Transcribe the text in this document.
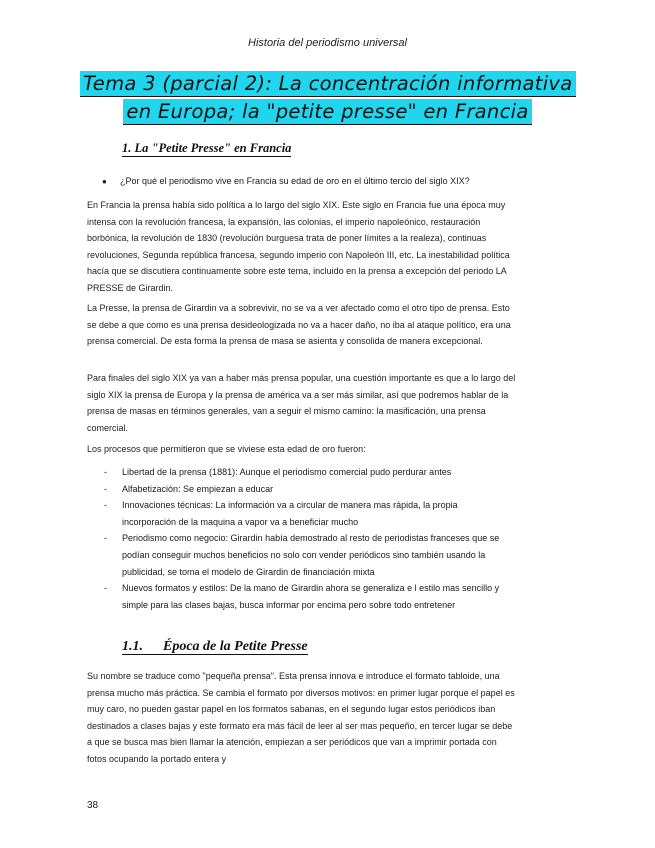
Historia del periodismo universal
Tema 3 (parcial 2): La concentración informativa
en Europa; la "petite presse" en Francia
1. La "Petite Presse" en Francia
● ¿Por qué el periodismo vive en Francia su edad de oro en el último tercio del siglo XIX?

En Francia la prensa había sido política a lo largo del siglo XIX. Este siglo en Francia fue una época muy intensa con la revolución francesa, la expansión, las colonias, el imperio napoleónico, restauración borbónica, la revolución de 1830 (revolución burguesa trata de poner límites a la realeza), continuas revoluciones, Segunda república francesa, segundo imperio con Napoleón III, etc. La inestabilidad política hacía que se discutiera continuamente sobre este tema, incluido en la prensa a excepción del periodo LA PRESSE de Girardin.

La Presse, la prensa de Girardin va a sobrevivir, no se va a ver afectado como el otro tipo de prensa. Esto se debe a que como es una prensa desideologizada no va a hacer daño, no iba al ataque político, era una prensa comercial. De esta forma la prensa de masa se asienta y consolida de manera excepcional.

Para finales del siglo XIX ya van a haber más prensa popular, una cuestión importante es que a lo largo del siglo XIX la prensa de Europa y la prensa de américa va a ser más similar, así que podremos hablar de la prensa de masas en términos generales, van a seguir el mismo camino: la masificación, una prensa comercial.

Los procesos que permitieron que se viviese esta edad de oro fueron:

- Libertad de la prensa (1881): Aunque el periodismo comercial pudo perdurar antes
- Alfabetización: Se empiezan a educar
- Innovaciones técnicas: La información va a circular de manera mas rápida, la propia incorporación de la maquina a vapor va a beneficiar mucho
- Periodismo como negocio: Girardin había demostrado al resto de periodistas franceses que se podían conseguir muchos beneficios no solo con vender periódicos sino también usando la publicidad, se toma el modelo de Girardin de financiación mixta
- Nuevos formatos y estilos: De la mano de Girardin ahora se generaliza e l estilo mas sencillo y simple para las clases bajas, busca informar por encima pero sobre todo entretener
1.1. Época de la Petite Presse

Su nombre se traduce como "pequeña prensa". Esta prensa innova e introduce el formato tabloide, una prensa mucho más práctica. Se cambia el formato por diversos motivos: en primer lugar porque el papel es muy caro, no pueden gastar papel en los formatos sabanas, en el segundo lugar estos periódicos iban destinados a clases bajas y este formato era más fácil de leer al ser mas pequeño, en tercer lugar se debe a que se busca mas bien llamar la atención, empiezan a ser periódicos que van a imprimir portada con fotos ocupando la portado entera y

38
